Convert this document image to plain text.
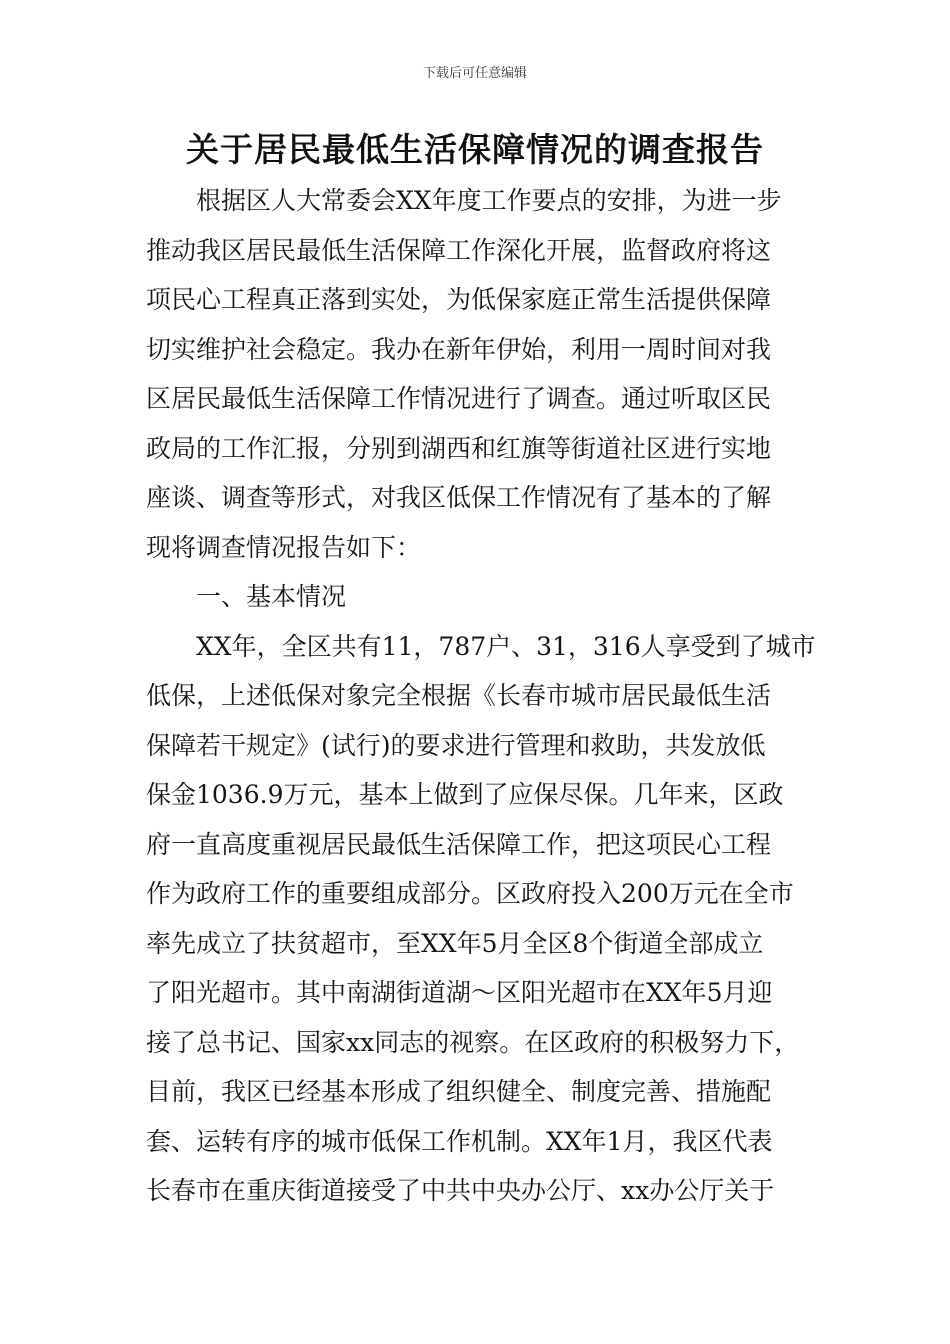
下载后可任意编辑
关于居民最低生活保障情况的调查报告
根据区人大常委会XX年度工作要点的安排，为进一步
推动我区居民最低生活保障工作深化开展，监督政府将这
项民心工程真正落到实处，为低保家庭正常生活提供保障
切实维护社会稳定。我办在新年伊始，利用一周时间对我
区居民最低生活保障工作情况进行了调查。通过听取区民
政局的工作汇报，分别到湖西和红旗等街道社区进行实地
座谈、调查等形式，对我区低保工作情况有了基本的了解
现将调查情况报告如下：
一、基本情况
XX年，全区共有11，787户、31，316人享受到了城市
低保，上述低保对象完全根据《长春市城市居民最低生活
保障若干规定》(试行)的要求进行管理和救助，共发放低
保金1036.9万元，基本上做到了应保尽保。几年来，区政
府一直高度重视居民最低生活保障工作，把这项民心工程
作为政府工作的重要组成部分。区政府投入200万元在全市
率先成立了扶贫超市，至XX年5月全区8个街道全部成立
了阳光超市。其中南湖街道湖～区阳光超市在XX年5月迎
接了总书记、国家xx同志的视察。在区政府的积极努力下，
目前，我区已经基本形成了组织健全、制度完善、措施配
套、运转有序的城市低保工作机制。XX年1月，我区代表
长春市在重庆街道接受了中共中央办公厅、xx办公厅关于
